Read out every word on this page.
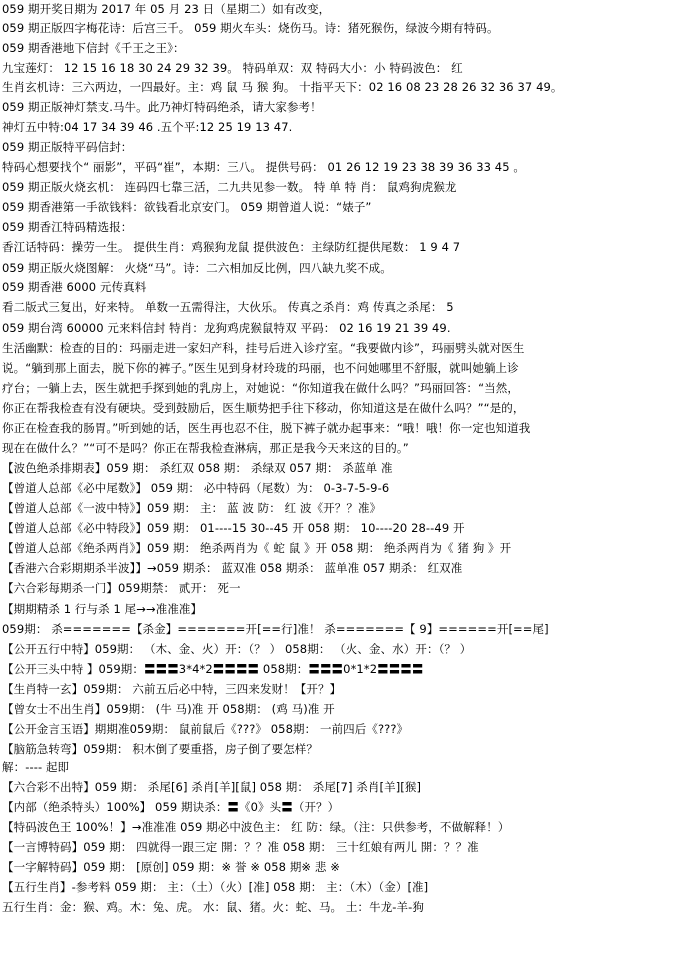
059 期开奖日期为 2017 年 05 月 23 日（星期二）如有改变，
059 期正版四字梅花诗：后宫三千。 059 期火车头：烧伤马。诗：猪死猴伤，绿波今期有特码。
059 期香港地下信封《千王之王》：
九宝莲灯： 12 15 16 18 30 24 29 32 39。 特码单双：双 特码大小：小 特码波色： 红
生肖玄机诗：三六两边，一四最好。主：鸡 鼠 马 猴 狗。 十指平天下：02 16 08 23 28 26 32 36 37 49。
059 期正版神灯禁支.马牛。此乃神灯特码绝杀，请大家参考！
神灯五中特:04 17 34 39 46 .五个平:12 25 19 13 47.
059 期正版特平码信封：
特码心想要找个“ 丽影”，平码“崔”，本期：三八。 提供号码： 01 26 12 19 23 38 39 36 33 45 。
059 期正版火烧玄机： 连码四七靠三活，二九共见参一数。 特 单 特 肖： 鼠鸡狗虎猴龙
059 期香港第一手欲钱料：欲钱看北京安门。 059 期曾道人说：“婊子”
059 期香江特码精选报：
香江话特码：操劳一生。 提供生肖：鸡猴狗龙鼠 提供波色：主绿防红提供尾数： 1 9 4 7
059 期正版火烧图解： 火烧“马”。诗：二六相加反比例，四八缺九奖不成。
059 期香港 6000 元传真料
看二版式三复出，好来特。 单数一五需得注，大伙乐。 传真之杀肖：鸡 传真之杀尾： 5
059 期台湾 60000 元来料信封 特肖：龙狗鸡虎猴鼠特双 平码： 02 16 19 21 39 49.
生活幽默：检查的目的：玛丽走进一家妇产科，挂号后进入诊疗室。“我要做内诊”，玛丽劈头就对医生
说。“躺到那上面去，脱下你的裤子。”医生见到身材玲珑的玛丽，也不问她哪里不舒服，就叫她躺上诊
疗台；一躺上去，医生就把手探到她的乳房上，对她说：“你知道我在做什么吗？”玛丽回答：“当然，
你正在帮我检查有没有硬块。受到鼓励后，医生顺势把手往下移动，你知道这是在做什么吗？”“是的，
你正在检查我的肠胃。”听到她的话，医生再也忍不住，脱下裤子就办起事来：“哦！哦！你一定也知道我
现在在做什么？”“可不是吗？你正在帮我检查淋病，那正是我今天来这的目的。”
【波色绝杀排期表】059 期： 杀红双 058 期： 杀绿双 057 期： 杀蓝单 准
【曾道人总部《必中尾数》】 059 期： 必中特码（尾数）为： 0-3-7-5-9-6
【曾道人总部《一波中特》】059 期： 主： 蓝 波 防： 红 波《开？？准》
【曾道人总部《必中特段》】059 期： 01----15 30--45 开 058 期： 10----20 28--49 开
【曾道人总部《绝杀两肖》】059 期： 绝杀两肖为《 蛇 鼠 》开 058 期： 绝杀两肖为《 猪 狗 》开
【香港六合彩期期杀半波】】→059 期杀： 蓝双准 058 期杀： 蓝单准 057 期杀： 红双准
【六合彩每期杀一门】059期禁： 贰开： 死一
【期期精杀 1 行与杀 1 尾→→准准准】
059期： 杀=======【杀金】=======开[==行]准！ 杀=======【 9】======开[==尾]
【公开五行中特】059期： （木、金、火）开：（？ ） 058期： （火、金、水）开：（？ ）
【公开三头中特 】059期：〓〓〓3*4*2〓〓〓〓 058期：〓〓〓0*1*2〓〓〓〓
【生肖特一玄】059期： 六前五后必中特，三四来发财！【开？】
【曾女士不出生肖】059期： (牛 马)准 开 058期： (鸡 马)准 开
【公开金言玉语】期期准059期： 鼠前鼠后《???》 058期： 一前四后《???》
【脑筋急转弯】059期： 积木倒了要重搭，房子倒了要怎样？
解：---- 起即
【六合彩不出特】059 期： 杀尾[6] 杀肖[羊][鼠] 058 期： 杀尾[7] 杀肖[羊][猴]
【内部（绝杀特头）100%】 059 期诀杀：〓《0》头〓（开？）
【特码波色王 100%！】→准准准 059 期必中波色主： 红 防：绿。（注：只供参考，不做解释！）
【一言博特码】059 期： 四就得一跟三定 開：？？准 058 期： 三十红娘有两儿 開：？？准
【一字解特码】059 期： [原创] 059 期：※ 誉 ※ 058 期※ 悲 ※
【五行生肖】-参考料 059 期： 主：（土）（火）[准] 058 期： 主：（木）（金）[准]
五行生肖：金：猴、鸡。木：兔、虎。 水：鼠、猪。火：蛇、马。 土：牛龙-羊-狗
